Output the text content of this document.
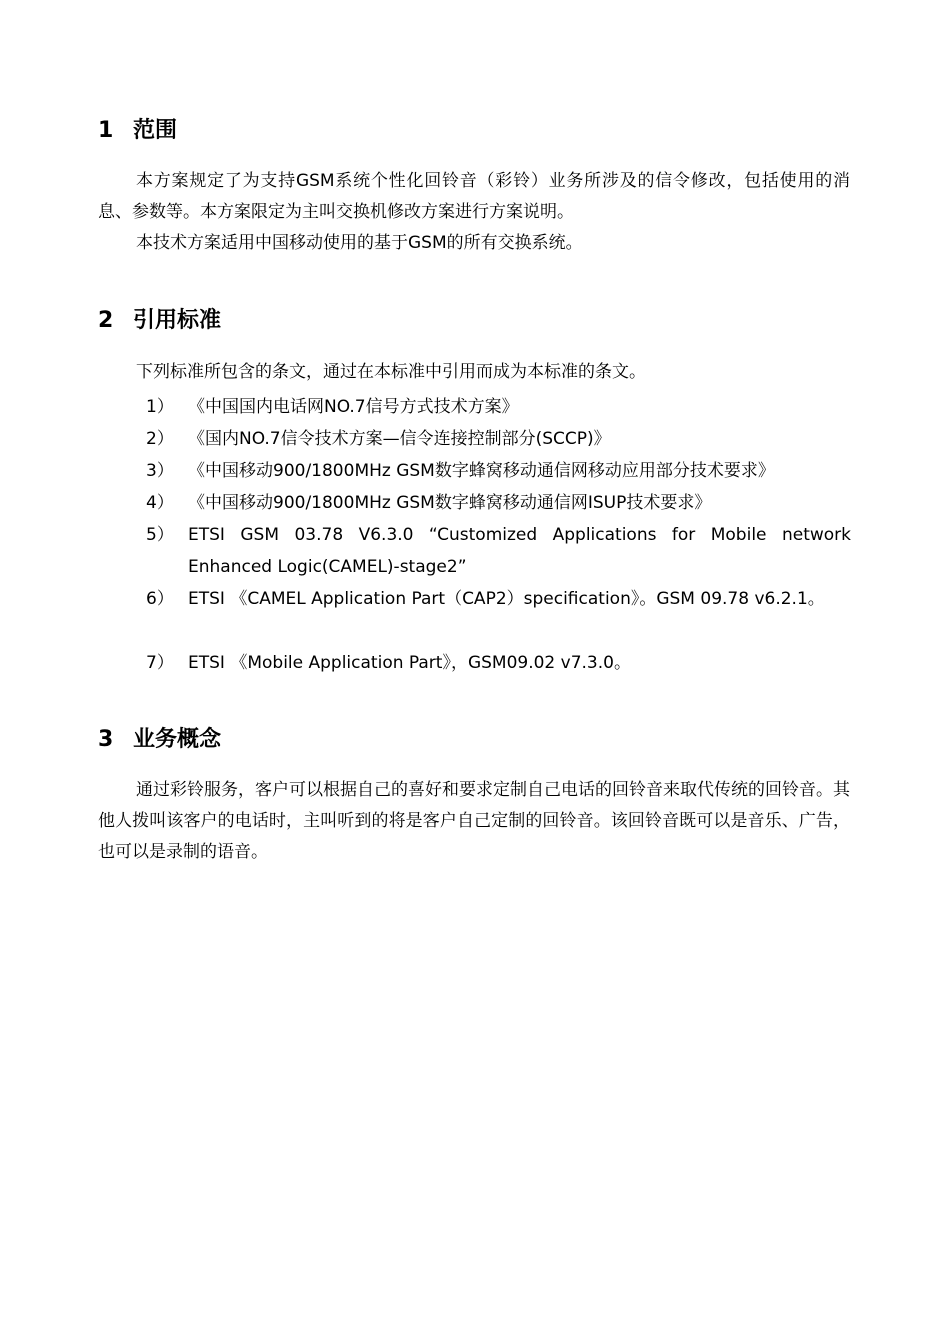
1 范围
本方案规定了为支持GSM系统个性化回铃音（彩铃）业务所涉及的信令修改，包括使用的消息、参数等。本方案限定为主叫交换机修改方案进行方案说明。
本技术方案适用中国移动使用的基于GSM的所有交换系统。
2 引用标准
下列标准所包含的条文，通过在本标准中引用而成为本标准的条文。
1） 《中国国内电话网NO.7信号方式技术方案》
2） 《国内NO.7信令技术方案—信令连接控制部分(SCCP)》
3） 《中国移动900/1800MHz GSM数字蜂窝移动通信网移动应用部分技术要求》
4） 《中国移动900/1800MHz GSM数字蜂窝移动通信网ISUP技术要求》
5） ETSI GSM 03.78 V6.3.0 “Customized Applications for Mobile network Enhanced Logic(CAMEL)-stage2”
6） ETSI 《CAMEL Application Part（CAP2）specification》。GSM 09.78 v6.2.1。
7） ETSI 《Mobile Application Part》，GSM09.02 v7.3.0。
3 业务概念
通过彩铃服务，客户可以根据自己的喜好和要求定制自己电话的回铃音来取代传统的回铃音。其他人拨叫该客户的电话时，主叫听到的将是客户自己定制的回铃音。该回铃音既可以是音乐、广告，也可以是录制的语音。
